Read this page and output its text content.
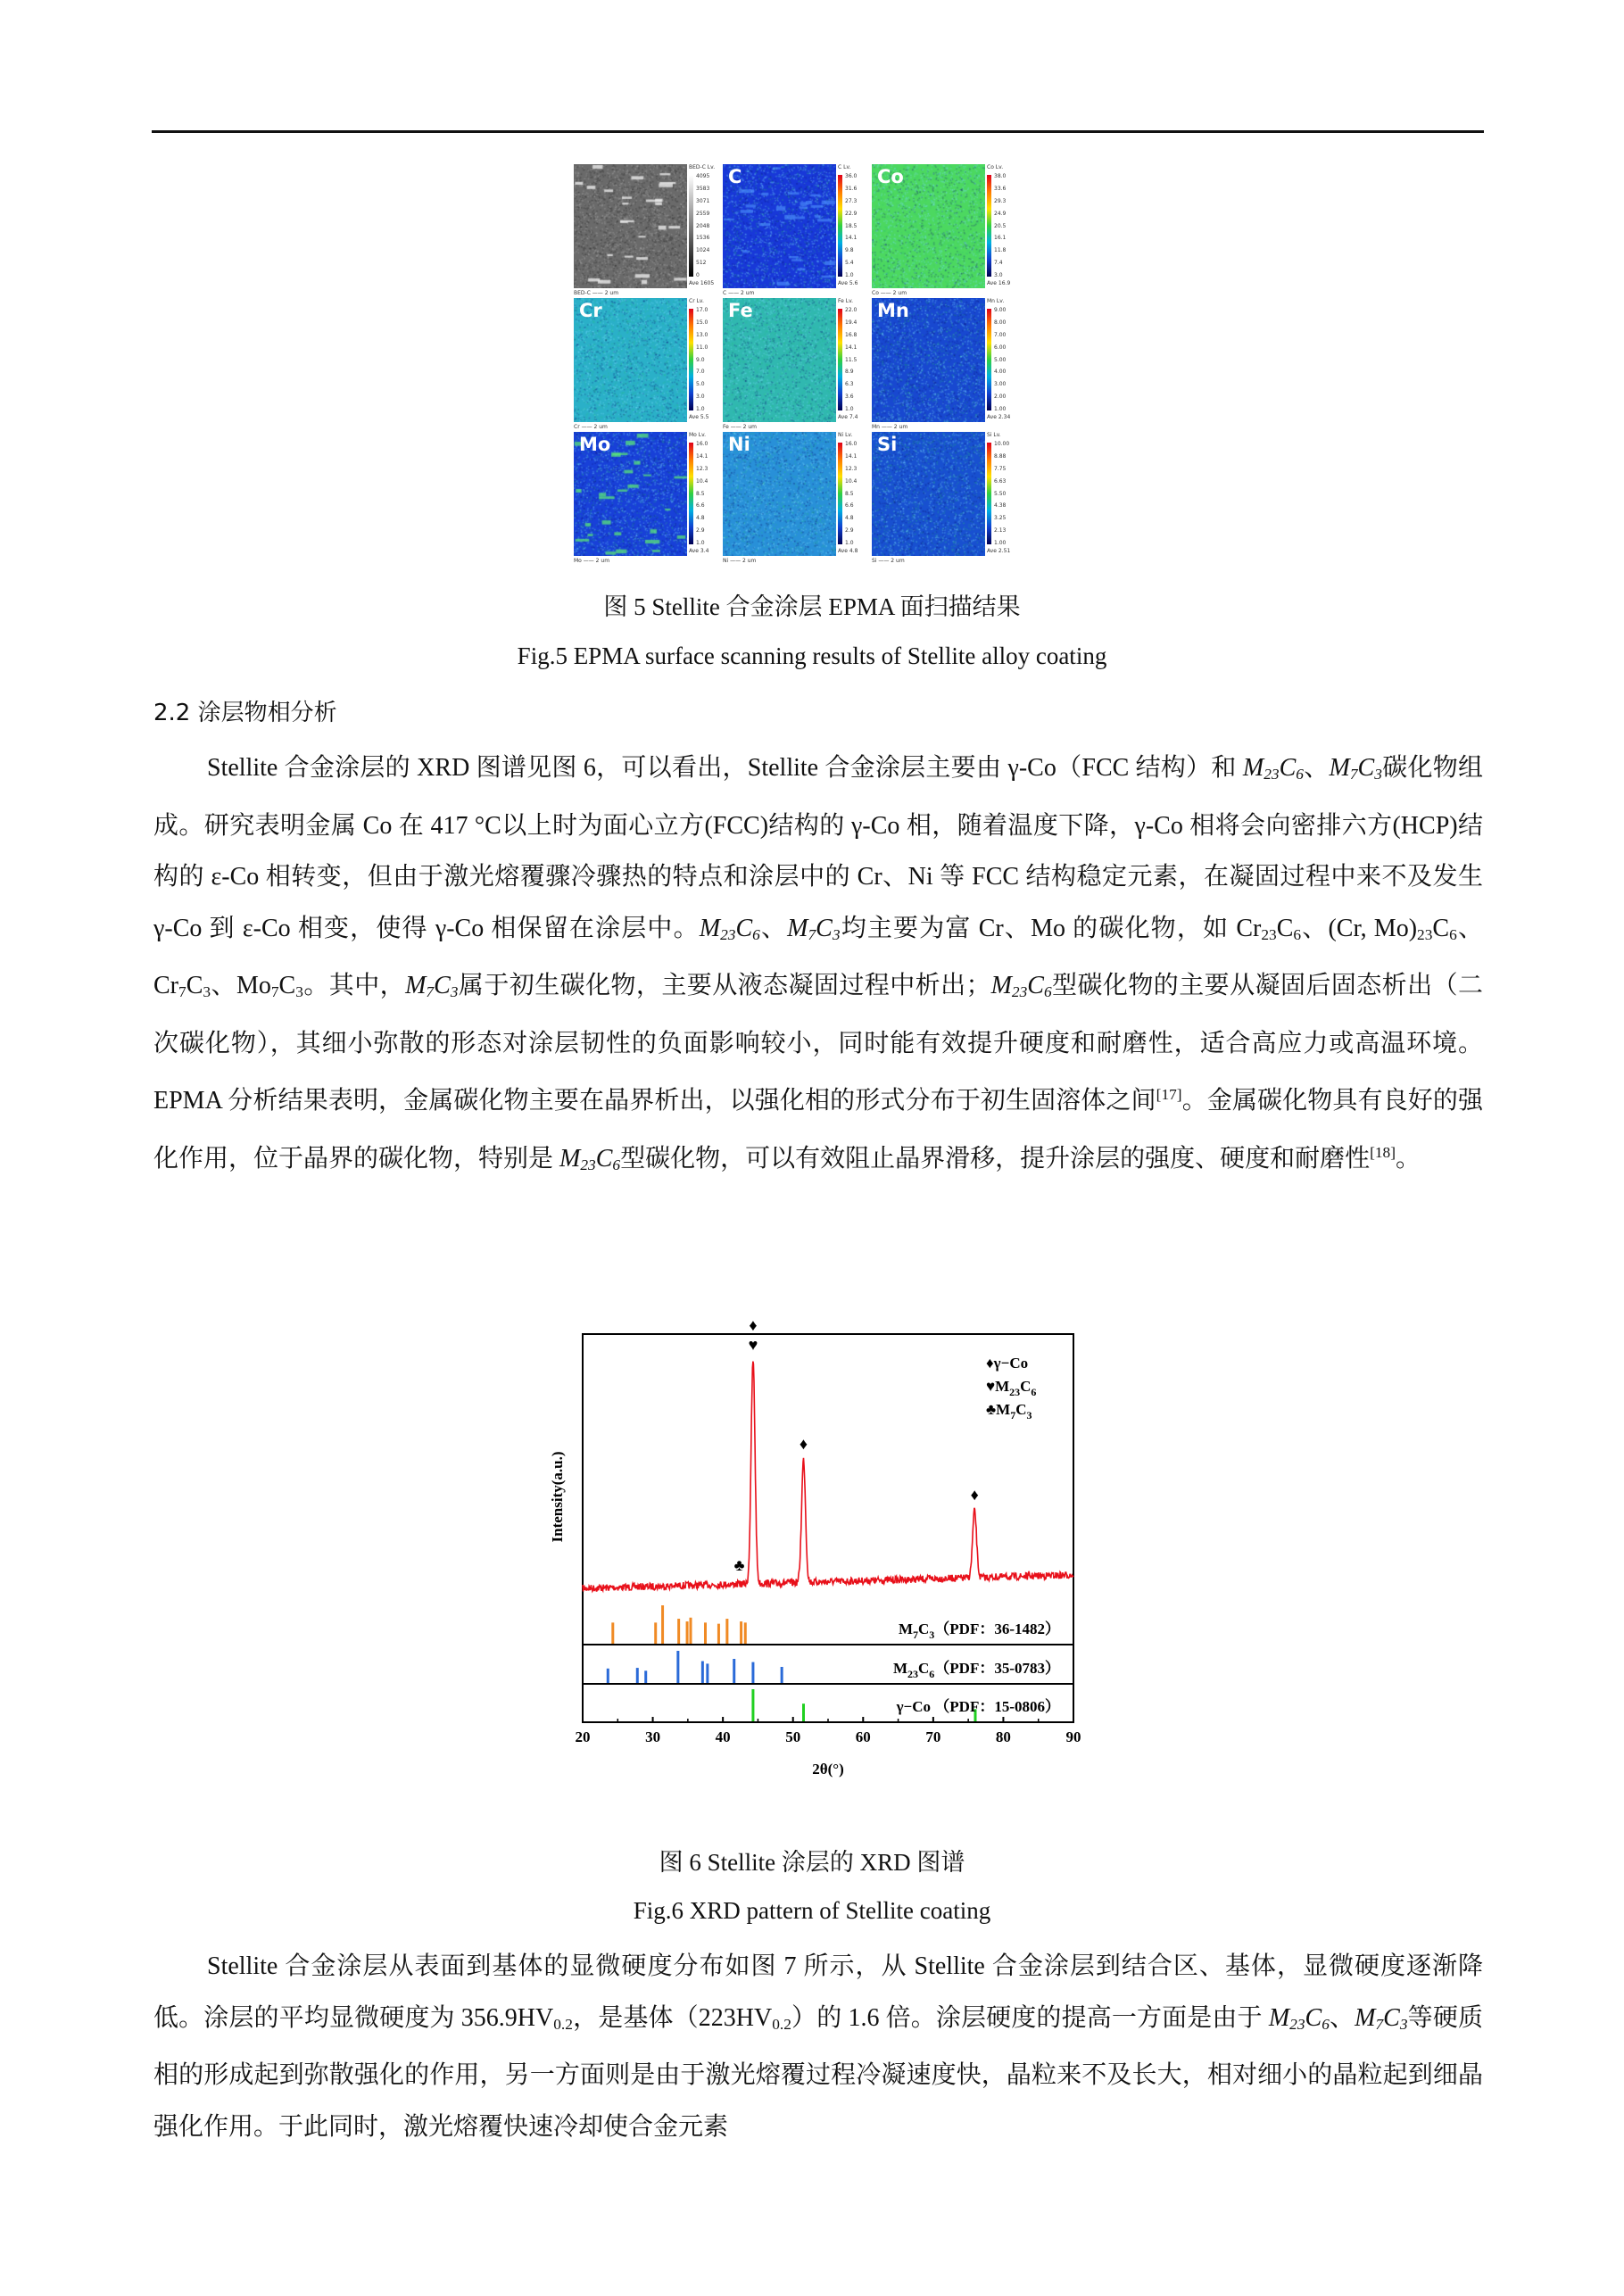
BED-C Lv.
4095
3583
3071
2559
2048
1536
1024
512
0
Ave 1605
BED-C —— 2 um
C	C Lv.
36.0
31.6
27.3
22.9
18.5
14.1
9.8
5.4
1.0
Ave 5.6
C —— 2 um
Co	Co Lv.
38.0
33.6
29.3
24.9
20.5
16.1
11.8
7.4
3.0
Ave 16.9
Co —— 2 um
Cr	Cr Lv.
17.0
15.0
13.0
11.0
9.0
7.0
5.0
3.0
1.0
Ave 5.5
Cr —— 2 um
Fe	Fe Lv.
22.0
19.4
16.8
14.1
11.5
8.9
6.3
3.6
1.0
Ave 7.4
Fe —— 2 um
Mn	Mn Lv.
9.00
8.00
7.00
6.00
5.00
4.00
3.00
2.00
1.00
Ave 2.34
Mn —— 2 um
Mo	Mo Lv.
16.0
14.1
12.3
10.4
8.5
6.6
4.8
2.9
1.0
Ave 3.4
Mo —— 2 um
Ni	Ni Lv.
16.0
14.1
12.3
10.4
8.5
6.6
4.8
2.9
1.0
Ave 4.8
Ni —— 2 um
Si	Si Lv.
10.00
8.88
7.75
6.63
5.50
4.38
3.25
2.13
1.00
Ave 2.51
Si —— 2 um
图 5 Stellite 合金涂层 EPMA 面扫描结果
Fig.5 EPMA surface scanning results of Stellite alloy coating
2.2 涂层物相分析

Stellite 合金涂层的 XRD 图谱见图 6，可以看出，Stellite 合金涂层主要由 γ-Co（FCC 结构）和 $M_{23}C_6$、$M_7C_3$碳化物组成。研究表明金属 Co 在 417 °C以上时为面心立方(FCC)结构的 γ-Co 相，随着温度下降，γ-Co 相将会向密排六方(HCP)结构的 ε-Co 相转变，但由于激光熔覆骤冷骤热的特点和涂层中的 Cr、Ni 等 FCC 结构稳定元素，在凝固过程中来不及发生 γ-Co 到 ε-Co 相变，使得 γ-Co 相保留在涂层中。$M_{23}C_6$、$M_7C_3$均主要为富 Cr、Mo 的碳化物，如 $Cr_{23}C_6$、(Cr, $Mo)_{23}C_6$、$Cr_7C_3$、$Mo_7C_3$。其中，$M_7C_3$属于初生碳化物，主要从液态凝固过程中析出；$M_{23}C_6$型碳化物的主要从凝固后固态析出（二次碳化物），其细小弥散的形态对涂层韧性的负面影响较小，同时能有效提升硬度和耐磨性，适合高应力或高温环境。EPMA 分析结果表明，金属碳化物主要在晶界析出，以强化相的形式分布于初生固溶体之间[17]。金属碳化物具有良好的强化作用，位于晶界的碳化物，特别是 $M_{23}C_6$型碳化物，可以有效阻止晶界滑移，提升涂层的强度、硬度和耐磨性[18]。

20	30	40	50	60	70	80	90
2θ(°)
Intensity(a.u.)
♥
♦
♦
♦
♣
♦γ−Co
$♥M_{23}C_6$
$♣M_7C_3$
$M_7C_3(PDF$：36-1482）
$M_{23}C_6(PDF$：35-0783）
γ−Co （PDF：15-0806）
图 6 Stellite 涂层的 XRD 图谱
Fig.6 XRD pattern of Stellite coating

Stellite 合金涂层从表面到基体的显微硬度分布如图 7 所示，从 Stellite 合金涂层到结合区、基体，显微硬度逐渐降低。涂层的平均显微硬度为 $356.9HV_{0.2}$，是基体$(223HV_{0.2})$的 1.6 倍。涂层硬度的提高一方面是由于 $M_{23}C_6$、$M_7C_3$等硬质相的形成起到弥散强化的作用，另一方面则是由于激光熔覆过程冷凝速度快，晶粒来不及长大，相对细小的晶粒起到细晶强化作用。于此同时，激光熔覆快速冷却使合金元素
